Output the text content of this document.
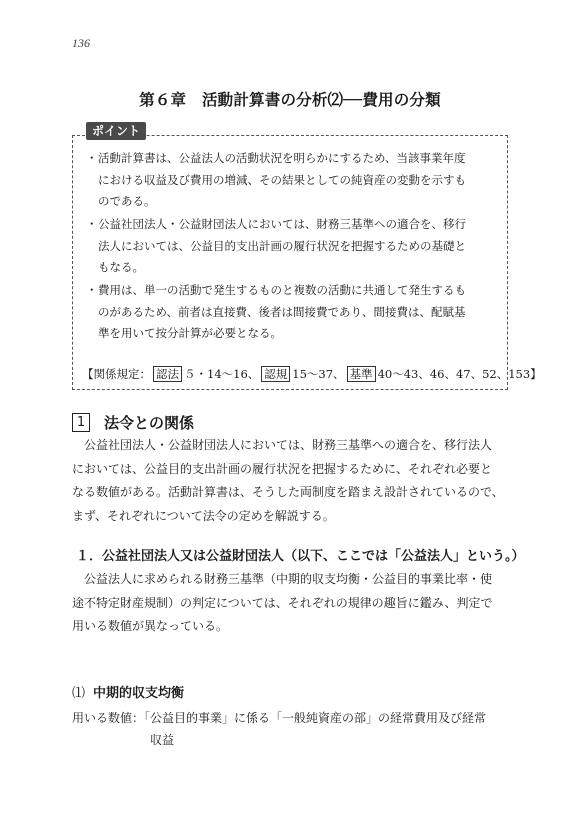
136
第６章　活動計算書の分析⑵──費用の分類
ポイント
・ 活動計算書は、公益法人の活動状況を明らかにするため、当該事業年度
における収益及び費用の増減、その結果としての純資産の変動を示すも
のである。
・ 公益社団法人・公益財団法人においては、財務三基準への適合を、移行
法人においては、公益目的支出計画の履行状況を把握するための基礎と
もなる。
・ 費用は、単一の活動で発生するものと複数の活動に共通して発生するも
のがあるため、前者は直接費、後者は間接費であり、間接費は、配賦基
準を用いて按分計算が必要となる。
【関係規定： 認法 ５・14〜16、 認規 15〜37、 基準 40〜43、46、47、52、153】
1	法令との関係
公益社団法人・公益財団法人においては、財務三基準への適合を、移行法人
においては、公益目的支出計画の履行状況を把握するために、それぞれ必要と
なる数値がある。活動計算書は、そうした両制度を踏まえ設計されているので、
まず、それぞれについて法令の定めを解説する。
１．公益社団法人又は公益財団法人（以下、ここでは「公益法人」という。）
公益法人に求められる財務三基準（中期的収支均衡・公益目的事業比率・使
途不特定財産規制）の判定については、それぞれの規律の趣旨に鑑み、判定で
用いる数値が異なっている。
⑴ 中期的収支均衡
用いる数値：「公益目的事業」に係る「一般純資産の部」の経常費用及び経常
収益
